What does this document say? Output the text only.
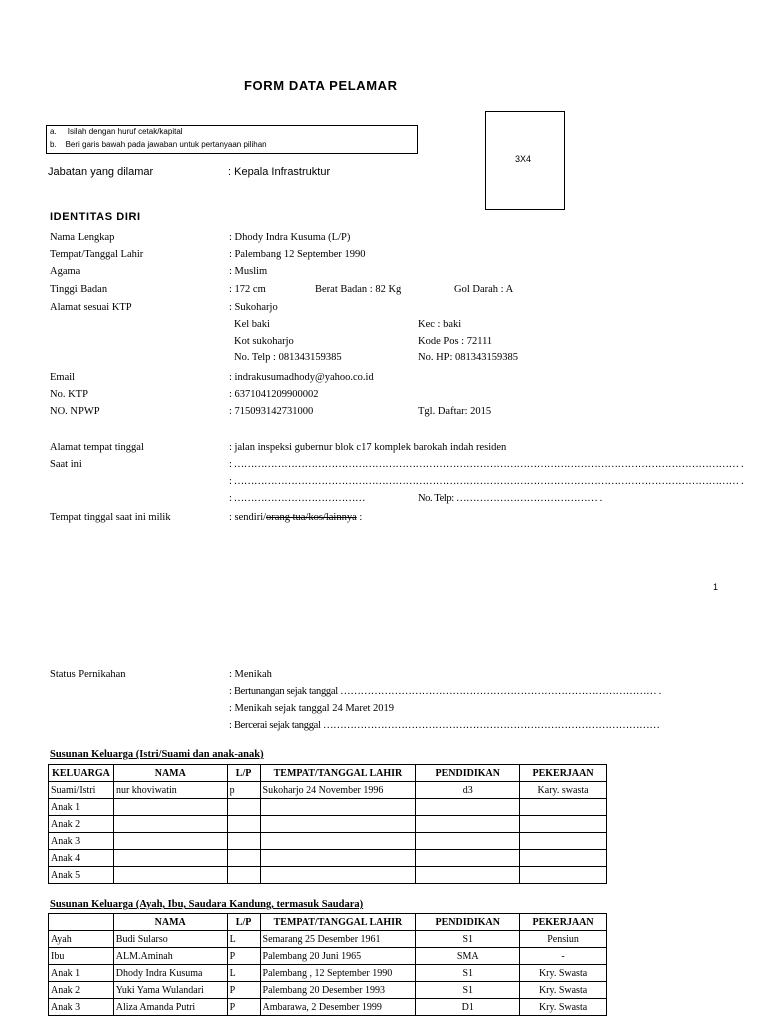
FORM DATA PELAMAR
a. Isilah dengan huruf cetak/kapital
b. Beri garis bawah pada jawaban untuk pertanyaan pilihan
3X4
Jabatan yang dilamar	: Kepala Infrastruktur
IDENTITAS DIRI
Nama Lengkap	: Dhody Indra Kusuma (L/P)
Tempat/Tanggal Lahir	: Palembang 12 September 1990
Agama	: Muslim
Tinggi Badan	: 172 cm	Berat Badan : 82 Kg	Gol Darah : A
Alamat sesuai KTP	: Sukoharjo
Kel baki	Kec : baki
Kot sukoharjo	Kode Pos : 72111
No. Telp : 081343159385	No. HP: 081343159385
Email	: indrakusumadhody@yahoo.co.id
No. KTP	: 6371041209900002
NO. NPWP	: 715093142731000	Tgl. Daftar: 2015
Alamat tempat tinggal	: jalan inspeksi gubernur blok c17 komplek barokah indah residen
Saat ini	: …………………………………………………………………………………………………………………………………… .
: …………………………………………………………………………………………………………………………………… .
: …………………………………	No. Telp: …………………………………… .
Tempat tinggal saat ini milik	: sendiri/orang tua/kos/lainnya :
1
Status Pernikahan	: Menikah
: Bertunangan sejak tanggal ………………………………………………………………………………… .
: Menikah sejak tanggal 24 Maret 2019
: Bercerai sejak tanggal ………………………………………………………………………………………
Susunan Keluarga (Istri/Suami dan anak-anak)
KELUARGA	NAMA	L/P	TEMPAT/TANGGAL LAHIR	PENDIDIKAN	PEKERJAAN
Suami/Istri	nur khoviwatin	p	Sukoharjo 24 November 1996	d3	Kary. swasta
Anak 1					
Anak 2					
Anak 3					
Anak 4					
Anak 5					
Susunan Keluarga (Ayah, Ibu, Saudara Kandung, termasuk Saudara)
	NAMA	L/P	TEMPAT/TANGGAL LAHIR	PENDIDIKAN	PEKERJAAN
Ayah	Budi Sularso	L	Semarang 25 Desember 1961	S1	Pensiun
Ibu	ALM.Aminah	P	Palembang 20 Juni 1965	SMA	-
Anak 1	Dhody Indra Kusuma	L	Palembang , 12 September 1990	S1	Kry. Swasta
Anak 2	Yuki Yama Wulandari	P	Palembang 20 Desember 1993	S1	Kry. Swasta
Anak 3	Aliza Amanda Putri	P	Ambarawa, 2 Desember 1999	D1	Kry. Swasta
